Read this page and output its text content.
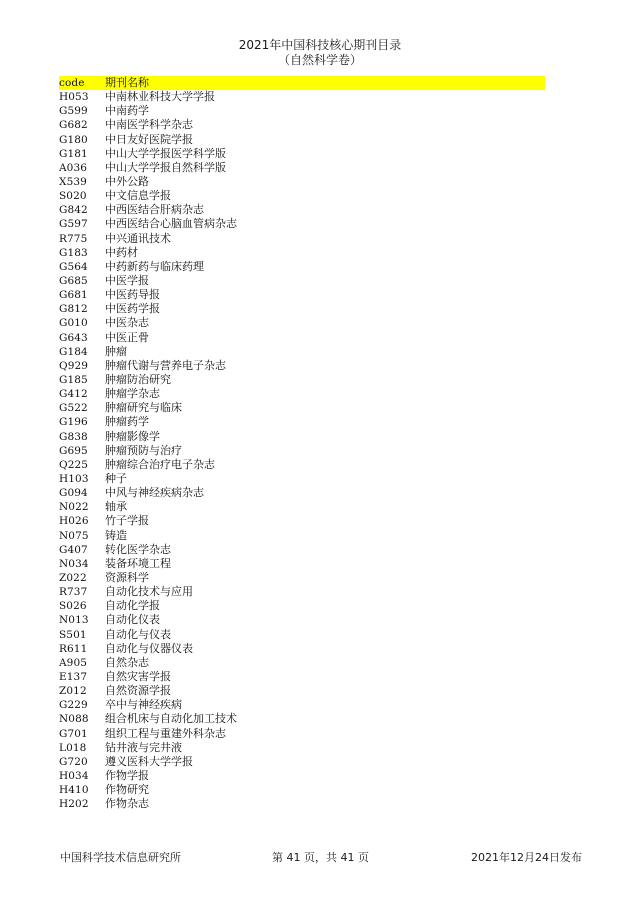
2021年中国科技核心期刊目录
（自然科学卷）
code	期刊名称
H053	中南林业科技大学学报
G599	中南药学
G682	中南医学科学杂志
G180	中日友好医院学报
G181	中山大学学报医学科学版
A036	中山大学学报自然科学版
X539	中外公路
S020	中文信息学报
G842	中西医结合肝病杂志
G597	中西医结合心脑血管病杂志
R775	中兴通讯技术
G183	中药材
G564	中药新药与临床药理
G685	中医学报
G681	中医药导报
G812	中医药学报
G010	中医杂志
G643	中医正骨
G184	肿瘤
Q929	肿瘤代谢与营养电子杂志
G185	肿瘤防治研究
G412	肿瘤学杂志
G522	肿瘤研究与临床
G196	肿瘤药学
G838	肿瘤影像学
G695	肿瘤预防与治疗
Q225	肿瘤综合治疗电子杂志
H103	种子
G094	中风与神经疾病杂志
N022	轴承
H026	竹子学报
N075	铸造
G407	转化医学杂志
N034	装备环境工程
Z022	资源科学
R737	自动化技术与应用
S026	自动化学报
N013	自动化仪表
S501	自动化与仪表
R611	自动化与仪器仪表
A905	自然杂志
E137	自然灾害学报
Z012	自然资源学报
G229	卒中与神经疾病
N088	组合机床与自动化加工技术
G701	组织工程与重建外科杂志
L018	钻井液与完井液
G720	遵义医科大学学报
H034	作物学报
H410	作物研究
H202	作物杂志
中国科学技术信息研究所	第 41 页，共 41 页	2021年12月24日发布
